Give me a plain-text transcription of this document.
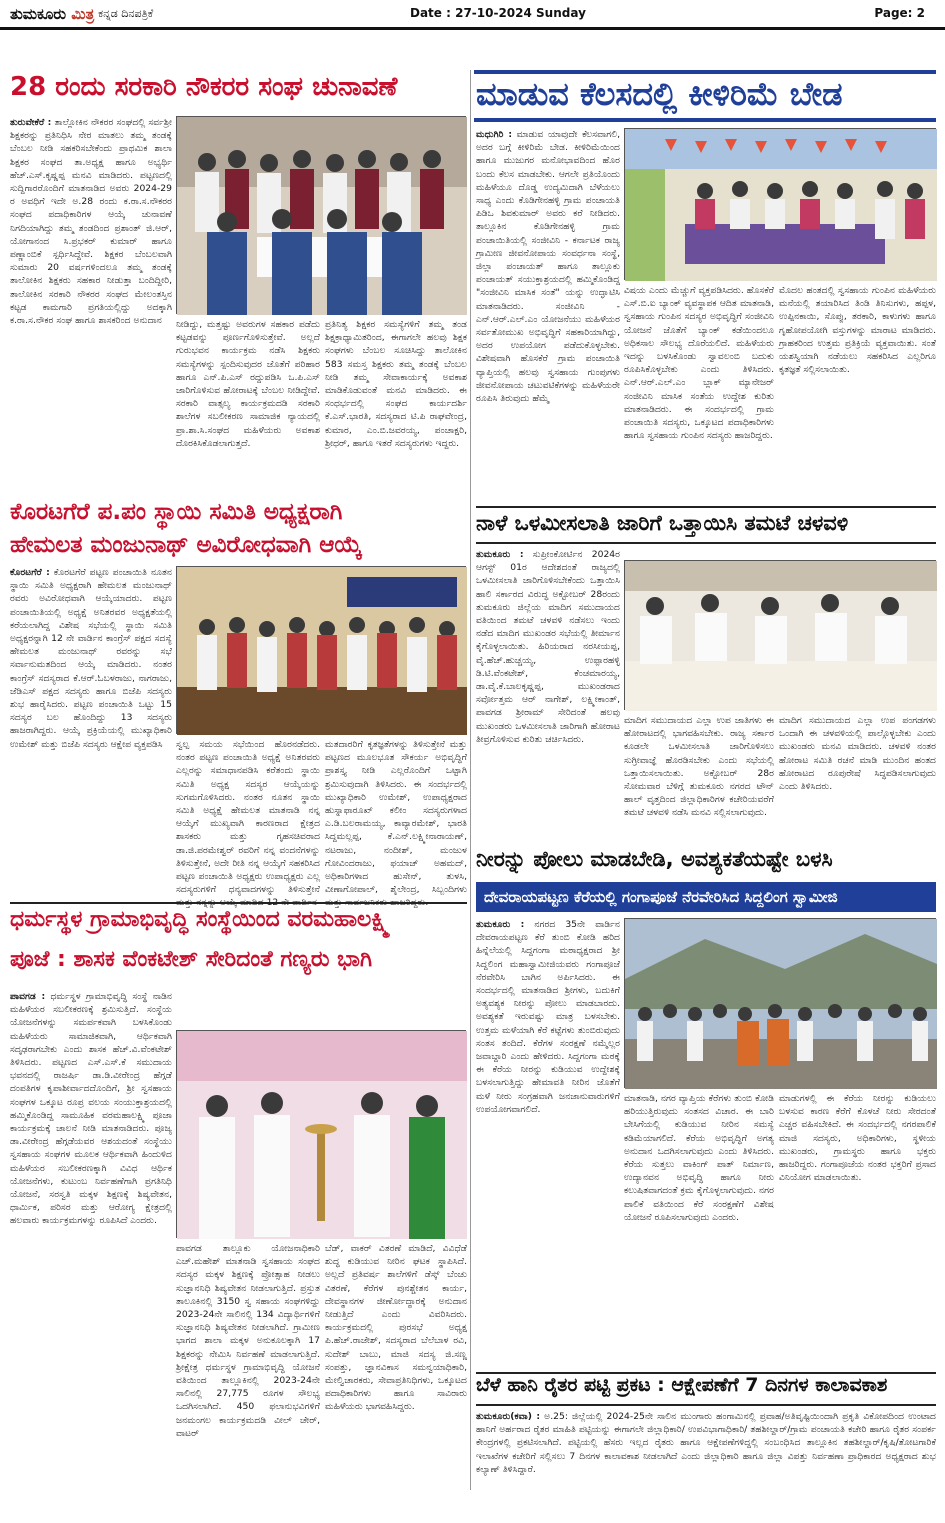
ತುಮಕೂರು ಮಿತ್ರ ಕನ್ನಡ ದಿನಪತ್ರಿಕೆ	Date : 27-10-2024 Sunday	Page: 2
28 ರಂದು ಸರಕಾರಿ ನೌಕರರ ಸಂಘ ಚುನಾವಣೆ

ತುರುವೇಕೆರೆ : ತಾಲ್ಲೋಕಿನ ನೌಕರರ ಸಂಘದಲ್ಲಿ ಸರ್ವಶ್ರೀ ಶಿಕ್ಷಕರನ್ನು ಪ್ರತಿನಿಧಿಸಿ ನೇರ ಮಾತಲು ತಮ್ಮ ತಂಡಕ್ಕೆ ಬೆಂಬಲ ನೀಡಿ ಸಹಕರಿಸಬೇಕೆಂದು ಪ್ರಾಥಮಿಕ ಶಾಲಾ ಶಿಕ್ಷಕರ ಸಂಘದ ತಾ.ಅಧ್ಯಕ್ಷ ಹಾಗೂ ಅಭ್ಯರ್ಥಿ ಹೆಚ್.ಎಸ್.ಕೃಷ್ಣಪ್ಪ ಮನವಿ ಮಾಡಿದರು. ಪಟ್ಟಣದಲ್ಲಿ ಸುದ್ದಿಗಾರರೊಂದಿಗೆ ಮಾತನಾಡಿದ ಅವರು 2024-29 ರ ಅವಧಿಗೆ ಇದೇ ಅ.28 ರಂದು ಕ.ರಾ.ಸ.ನೌಕರರ ಸಂಘದ ಪದಾಧಿಕಾರಿಗಳ ಆಯ್ಕೆ ಚುನಾವಣೆ ನಿಗದಿಯಾಗಿದ್ದು ತಮ್ಮ ತಂಡದಿಂದ ಪ್ರಶಾಂತ್ ಜಿ.ಆರ್, ಯೋಗಾನಂದ ಸಿ.ಪ್ರಭಕರ್ ಕುಮಾರ್ ಹಾಗೂ ಪಣ್ಣಾಂಬಿಕೆ ಸ್ಪರ್ಧಿಸಿದ್ದೇವೆ. ಶಿಕ್ಷಕರ ಬೆಂಬಲವಾಗಿ ಸುಮಾರು 20 ವರ್ಷಗಳಿಂದಲೂ ತಮ್ಮ ತಂಡಕ್ಕೆ ತಾಲೋಕಿನ ಶಿಕ್ಷಕರು ಸಹಕಾರ ನೀಡುತ್ತಾ ಬಂದಿದ್ದೀರಿ, ತಾಲೋಕಿನ ಸರಕಾರಿ ನೌಕರರ ಸಂಘದ ಮೇಲಂತಸ್ತಿನ ಕಟ್ಟಡ ಕಾಮಗಾರಿ ಪ್ರಗತಿಯಲ್ಲಿದ್ದು ಅದಕ್ಕಾಗಿ ಕ.ರಾ.ಸ.ನೌಕರ ಸಂಘ ಹಾಗೂ ಶಾಸಕರಿಂದ ಅನುದಾನ	ನೀಡಿದ್ದು, ಮತ್ತಷ್ಟು ಅವರುಗಳ ಸಹಕಾರ ಪಡೆದು ಕಟ್ಟಡವನ್ನು ಪೂರ್ಣಗೊಳಿಸುತ್ತೇವೆ. ಅಲ್ಲದೆ ಗುರುಭವನ ಕಾರ್ಯಕ್ರಮ ನಡೆಸಿ ಶಿಕ್ಷಕರು ಸಮಸ್ಯೆಗಳನ್ನು ಸ್ಪಂದಿಸುವುದರ ಜೊತೆಗೆ ಪರಿಹಾರ ಹಾಗೂ ಎನ್.ಪಿ.ಎಸ್ ರದ್ದುಪಡಿಸಿ ಒ.ಪಿ.ಎಸ್ ಜಾರಿಗೊಳಿಸುವ ಹೋರಾಟಕ್ಕೆ ಬೆಂಬಲ ನೀಡಿದ್ದೇವೆ. ಸರಕಾರಿ ವಾತ್ಸಲ್ಯ ಕಾರ್ಯಕ್ರಮದಡಿ ಸರಕಾರಿ ಶಾಲೆಗಳ ಸಬಲೀಕರಣ ಸಾಮಾಜಿಕ ನ್ಯಾಯದಲ್ಲಿ ಪ್ರಾ.ಶಾ.ಸಿ.ಸಂಘದ ಮಹಿಳೆಯರು ಅವಕಾಶ ದೊರಕಿಸಿಕೊಡಲಾಗುತ್ತದೆ.
ಪ್ರತಿನಿತ್ಯ ಶಿಕ್ಷಕರ ಸಮಸ್ಯೆಗಳಿಗೆ ತಮ್ಮ ತಂಡ ಶಿಕ್ಷಕ್ರಾಧ್ಯಾಮಿತರಿಂದ, ಈಗಾಗಲೇ ಹಲವು ಶಿಕ್ಷಕ ಸಂಘಗಳು ಬೆಂಬಲ ಸೂಚಿಸಿದ್ದು ತಾಲೋಕಿನ 583 ಸಮಸ್ತ ಶಿಕ್ಷಕರು ತಮ್ಮ ತಂಡಕ್ಕೆ ಬೆಂಬಲ ನೀಡಿ ತಮ್ಮ ಸೇವಾಕಾರ್ಯಕ್ಕೆ ಅವಕಾಶ ಮಾಡಿಕೊಡುವಂತೆ ಮನವಿ ಮಾಡಿದರು. ಈ ಸಂಧರ್ಭದಲ್ಲಿ ಸಂಘದ ಕಾರ್ಯದರ್ಶಿ ಕೆ.ಎಸ್.ಭಾರತಿ, ಸದಸ್ಯರಾದ ಟಿ.ಪಿ ರಾಘವೇಂದ್ರ, ಕುಮಾರ, ಎಂ.ಬಿ.ಜವರಯ್ಯ, ಪಂಚಾಕ್ಷರಿ, ಶ್ರೀಧರ್, ಹಾಗೂ ಇತರೆ ಸದಸ್ಯರುಗಳು ಇದ್ದರು.
ಮಾಡುವ ಕೆಲಸದಲ್ಲಿ ಕೀಳಿರಿಮೆ ಬೇಡ

ಮಧುಗಿರಿ : ಮಾಡುವ ಯಾವುದೇ ಕೆಲಸವಾಗಲಿ, ಅದರ ಬಗ್ಗೆ ಕೀಳಿರಿಮೆ ಬೇಡ. ಕೀಳಿರಿಮೆಯಿಂದ ಹಾಗೂ ಮುಜುಗರ ಮನೋಭಾವದಿಂದ ಹೊರ ಬಂದು ಕೆಲಸ ಮಾಡಬೇಕು. ಆಗಲೇ ಪ್ರತಿಯೊಂದು ಮಹಿಳೆಯೂ ದೊಡ್ಡ ಉದ್ಯಮಿದಾಗಿ ಬೆಳೆಯಲು ಸಾಧ್ಯ ಎಂದು ಕೊಡಿಗೇನಹಳ್ಳಿ ಗ್ರಾಮ ಪಂಚಾಯತಿ ಪಿಡಿಒ ಶಿವಕುಮಾರ್ ಅವರು ಕರೆ ನೀಡಿದರು. ತಾಲ್ಲೂಕಿನ ಕೊಡಿಗೇನಹಳ್ಳಿ ಗ್ರಾಮ ಪಂಚಾಯಿತಿಯಲ್ಲಿ ಸಂಜೀವಿನಿ - ಕರ್ನಾಟಕ ರಾಜ್ಯ ಗ್ರಾಮೀಣ ಜೀವನೋಪಾಯ ಸಂವರ್ಧನಾ ಸಂಸ್ಥೆ, ಜಿಲ್ಲಾ ಪಂಚಾಯತ್ ಹಾಗೂ ತಾಲ್ಲೂಕು ಪಂಚಾಯತ್ ಸಯುಕ್ತಾಶ್ರಯದಲ್ಲಿ ಹಮ್ಮಿಕೊಂಡಿದ್ದ "ಸಂಜೀವಿನಿ ಮಾಸಿಕ ಸಂತೆ" ಯನ್ನು ಉದ್ಘಾಟಿಸಿ ಮಾತನಾಡಿದರು. ಸಂಜೀವಿನಿ - ಎನ್.ಆರ್.ಎಲ್.ಎಂ ಯೋಜನೆಯು ಮಹಿಳೆಯರ ಸರ್ವತೋಮುಖ ಅಭಿವೃದ್ಧಿಗೆ ಸಹಕಾರಿಯಾಗಿದ್ದು, ಅದರ ಉಪಯೋಗ ಪಡೆದುಕೊಳ್ಳಬೇಕು. ವಿಶೇಷವಾಗಿ ಹೊಸಕೆರೆ ಗ್ರಾಮ ಪಂಚಾಯಿತಿ ವ್ಯಾಪ್ತಿಯಲ್ಲಿ ಹಲವು ಸ್ವಸಹಾಯ ಗುಂಪುಗಳು ಜೀವನೋಪಾಯ ಚಟುವಟಿಕೆಗಳನ್ನು ಮಹಿಳೆಯರೇ ರೂಪಿಸಿ ತಿರುವುದು ಹೆಮ್ಮೆ

ವಿಷಯ ಎಂದು ಮೆಚ್ಚುಗೆ ವ್ಯಕ್ತಪಡಿಸಿದರು. ಹೊಸಕೆರೆ ಎಸ್.ಬಿ.ಐ ಬ್ಯಾಂಕ್ ವ್ಯವಸ್ಥಾಪಕ ಆದಿತ ಮಾತನಾಡಿ, ಸ್ವಸಹಾಯ ಗುಂಪಿನ ಸದಸ್ಯರ ಅಭಿವೃದ್ಧಿಗೆ ಸಂಜೀವಿನಿ ಯೋಜನೆ ಜೊತೆಗೆ ಬ್ಯಾಂಕ್ ಕಡೆಯಿಂದಲೂ ಅಧಿಕಸಾಲ ಸೌಲಭ್ಯ ದೊರೆಯಲಿದೆ. ಮಹಿಳೆಯರು ಇದನ್ನು ಬಳಸಿಕೊಂಡು ಸ್ವಾವಲಂಬಿ ಬದುಕು ರೂಪಿಸಿಕೊಳ್ಳಬೇಕು ಎಂದು ತಿಳಿಸಿದರು. ಎನ್.ಆರ್.ಎಲ್.ಎಂ ಬ್ಲಾಕ್ ಮ್ಯಾನೇಜರ್ ಸಂಜೀವಿನಿ ಮಾಸಿಕ ಸಂತೆಯ ಉದ್ದೇಶ ಕುರಿತು ಮಾತನಾಡಿದರು. ಈ ಸಂದರ್ಭದಲ್ಲಿ ಗ್ರಾಮ ಪಂಚಾಯಿತಿ ಸದಸ್ಯರು, ಒಕ್ಕೂಟದ ಪದಾಧಿಕಾರಿಗಳು ಹಾಗೂ ಸ್ವಸಹಾಯ ಗುಂಪಿನ ಸದಸ್ಯರು ಹಾಜರಿದ್ದರು.
ಮೊದಲ ಹಂತದಲ್ಲಿ ಸ್ವಸಹಾಯ ಗುಂಪಿನ ಮಹಿಳೆಯರು ಮನೆಯಲ್ಲಿ ತಯಾರಿಸಿದ ತಿಂಡಿ ತಿನಿಸುಗಳು, ಹಪ್ಪಳ, ಉಪ್ಪಿನಕಾಯಿ, ಸೊಪ್ಪು, ತರಕಾರಿ, ಕಾಳುಗಳು ಹಾಗೂ ಗೃಹೋಪಯೋಗಿ ವಸ್ತುಗಳನ್ನು ಮಾರಾಟ ಮಾಡಿದರು. ಗ್ರಾಹಕರಿಂದ ಉತ್ತಮ ಪ್ರತಿಕ್ರಿಯೆ ವ್ಯಕ್ತವಾಯಿತು. ಸಂತೆ ಯಶಸ್ವಿಯಾಗಿ ನಡೆಯಲು ಸಹಕರಿಸಿದ ಎಲ್ಲರಿಗೂ ಕೃತಜ್ಞತೆ ಸಲ್ಲಿಸಲಾಯಿತು.
ಕೊರಟಗೆರೆ ಪ.ಪಂ ಸ್ಥಾಯಿ ಸಮಿತಿ ಅಧ್ಯಕ್ಷರಾಗಿ
ಹೇಮಲತ ಮಂಜುನಾಥ್ ಅವಿರೋಧವಾಗಿ ಆಯ್ಕೆ

ಕೊರಟಗೆರೆ : ಕೊರಟಗೆರೆ ಪಟ್ಟಣ ಪಂಚಾಯಿತಿ ನೂತನ ಸ್ಥಾಯಿ ಸಮಿತಿ ಅಧ್ಯಕ್ಷರಾಗಿ ಹೇಮಲತ ಮಂಜುನಾಥ್ ರವರು ಅವಿರೋಧವಾಗಿ ಆಯ್ಕೆಯಾದರು. ಪಟ್ಟಣ ಪಂಚಾಯಿತಿಯಲ್ಲಿ ಅಧ್ಯಕ್ಷೆ ಅನಿತರವರ ಅಧ್ಯಕ್ಷತೆಯಲ್ಲಿ ಕರೆಯಲಾಗಿದ್ದ ವಿಶೇಷ ಸಭೆಯಲ್ಲಿ ಸ್ಥಾಯಿ ಸಮಿತಿ ಅಧ್ಯಕ್ಷರನ್ನಾಗಿ 12 ನೇ ವಾರ್ಡಿನ ಕಾಂಗ್ರೆಸ್ ಪಕ್ಷದ ಸದಸ್ಯೆ ಹೇಮಲತ ಮಂಜುನಾಥ್ ರವರನ್ನು ಸಭೆ ಸರ್ವಾನುಮತದಿಂದ ಆಯ್ಕೆ ಮಾಡಿದರು. ನಂತರ ಕಾಂಗ್ರೆಸ್ ಸದಸ್ಯರಾದ ಕೆ.ಆರ್.ಓಬಳರಾಜು, ನಾಗರಾಜು, ಜೆಡಿಎಸ್ ಪಕ್ಷದ ಸದಸ್ಯರು ಹಾಗೂ ಬಿಜೆಪಿ ಸದಸ್ಯರು ಶುಭ ಹಾರೈಸಿದರು. ಪಟ್ಟಣ ಪಂಚಾಯಿತಿ ಒಟ್ಟು 15 ಸದಸ್ಯರ ಬಲ ಹೊಂದಿದ್ದು 13 ಸದಸ್ಯರು ಹಾಜರಾಗಿದ್ದರು. ಆಯ್ಕೆ ಪ್ರಕ್ರಿಯೆಯಲ್ಲಿ ಮುಖ್ಯಾಧಿಕಾರಿ ಉಮೇಶ್ ಮತ್ತು ಬಿಜೆಪಿ ಸದಸ್ಯರು ಆಕ್ಷೇಪ ವ್ಯಕ್ತಪಡಿಸಿ	ಸ್ವಲ್ಪ ಸಮಯ ಸಭೆಯಿಂದ ಹೊರನಡೆದರು. ನಂತರ ಪಟ್ಟಣ ಪಂಚಾಯಿತಿ ಅಧ್ಯಕ್ಷೆ ಅನಿತರವರು ಎಲ್ಲರನ್ನು ಸಮಾಧಾನಪಡಿಸಿ ಕರೆತಂದು ಸ್ಥಾಯಿ ಸಮಿತಿ ಅಧ್ಯಕ್ಷ ಸದಸ್ಯರ ಆಯ್ಕೆಯನ್ನು ಸುಗಮಗೊಳಿಸಿದರು. ನಂತರ ನೂತನ ಸ್ಥಾಯಿ ಸಮಿತಿ ಅಧ್ಯಕ್ಷೆ ಹೇಮಲತ ಮಾತನಾಡಿ ನನ್ನ ಆಯ್ಕೆಗೆ ಮುಖ್ಯವಾಗಿ ಕಾರಣರಾದ ಕ್ಷೇತ್ರದ ಶಾಸಕರು ಮತ್ತು ಗೃಹಸಚಿವರಾದ ಡಾ.ಜಿ.ಪರಮೇಶ್ವರ್ ರವರಿಗೆ ನನ್ನ ವಂದನೆಗಳನ್ನು ತಿಳಿಸುತ್ತೇನೆ, ಅದೇ ರೀತಿ ನನ್ನ ಆಯ್ಕೆಗೆ ಸಹಕರಿಸಿದ ಪಟ್ಟಣ ಪಂಚಾಯಿತಿ ಅಧ್ಯಕ್ಷರು ಉಪಾಧ್ಯಕ್ಷರು ಎಲ್ಲ ಸದಸ್ಯರುಗಳಿಗೆ ಧನ್ಯವಾದಗಳನ್ನು ತಿಳಿಸುತ್ತೇನೆ
ಮತದಾರರಿಗೆ ಕೃತಜ್ಞತೆಗಳನ್ನು ತಿಳಿಸುತ್ತೇನೆ ಮತ್ತು ಪಟ್ಟಣದ ಮೂಲಭೂತ ಸೌಕರ್ಯ ಅಭಿವೃದ್ಧಿಗೆ ಪ್ರಾಶಸ್ತ್ಯ ನೀಡಿ ಎಲ್ಲರೊಂದಿಗೆ ಒಟ್ಟಾಗಿ ಶ್ರಮಿಸುವುದಾಗಿ ತಿಳಿಸಿದರು. ಈ ಸಂದರ್ಭದಲ್ಲಿ ಮುಖ್ಯಾಧಿಕಾರಿ ಉಮೇಶ್, ಉಪಾಧ್ಯಕ್ಷರಾದ ಹುಸ್ನಾಫಾರೂಖ್ ಕಲೀಂ ಸದಸ್ಯರುಗಳಾದ ಎ.ಡಿ.ಬಲರಾಮಯ್ಯ, ಕಾವ್ಯಾರಮೇಶ್, ಭಾರತಿ ಸಿದ್ದಮಲ್ಲಪ್ಪ, ಕೆ.ಎನ್.ಲಕ್ಷ್ಮೀನಾರಾಯಣ್, ನಟರಾಜು, ನಂದೀಶ್, ಮಂಜುಳ ಗೋವಿಂದರಾಜು, ಫಯಾಜ್ ಅಹಮದ್, ಅಧಿಕಾರಿಗಳಾದ ಹುಸೇನ್, ತುಳಸಿ, ವೀಣಾಗೋಪಾಲ್, ಶೈಲೇಂದ್ರ, ಸಿಬ್ಬಂದಿಗಳು
ನಾಳೆ ಒಳಮೀಸಲಾತಿ ಜಾರಿಗೆ ಒತ್ತಾಯಿಸಿ ತಮಟೆ ಚಳವಳಿ

ತುಮಕೂರು : ಸುಪ್ರೀಂಕೋರ್ಟಿನ 2024ರ ಆಗಸ್ಟ್ 01ರ ಆದೇಶದಂತೆ ರಾಜ್ಯದಲ್ಲಿ ಒಳಮೀಸಲಾತಿ ಜಾರಿಗೊಳಿಸಬೇಕೆಂದು ಒತ್ತಾಯಿಸಿ ಹಾಲಿ ಸರ್ಕಾರದ ವಿರುದ್ಧ ಅಕ್ಟೋಬರ್ 28ರಂದು ತುಮಕೂರು ಜಿಲ್ಲೆಯ ಮಾದಿಗ ಸಮುದಾಯದ ವತಿಯಿಂದ ತಮಟೆ ಚಳವಳಿ ನಡೆಸಲು ಇಂದು ನಡೆದ ಮಾದಿಗ ಮುಖಂಡರ ಸಭೆಯಲ್ಲಿ ತೀರ್ಮಾನ ಕೈಗೊಳ್ಳಲಾಯಿತು. ಹಿರಿಯರಾದ ನರಸೀಯಪ್ಪ, ವೈ.ಹೆಚ್.ಹುಚ್ಚಯ್ಯ, ಉಪ್ಪಾರಹಳ್ಳಿ ಡಿ.ಟಿ.ವೆಂಕಟೇಶ್, ಕೆಂಚಮಾರಯ್ಯ, ಡಾ.ವೈ.ಕೆ.ಬಾಲಕೃಷ್ಣಪ್ಪ, ಮುಖಂಡರಾದ ಸರ್ವೋತ್ತಮ ಆರ್ ನಾಗೇಶ್, ಲಕ್ಷ್ಮೀಕಾಂತ್, ಪಾವಗಡ ಶ್ರೀರಾಮ್ ಸೇರಿದಂತೆ ಹಲವು ಮುಖಂಡರು ಒಳಮೀಸಲಾತಿ ಜಾರಿಗಾಗಿ ಹೋರಾಟ ತೀವ್ರಗೊಳಿಸುವ ಕುರಿತು ಚರ್ಚಿಸಿದರು.

ಮಾದಿಗ ಸಮುದಾಯದ ಎಲ್ಲಾ ಉಪ ಜಾತಿಗಳು ಈ ಹೋರಾಟದಲ್ಲಿ ಭಾಗವಹಿಸಬೇಕು. ರಾಜ್ಯ ಸರ್ಕಾರ ಕೂಡಲೇ ಒಳಮೀಸಲಾತಿ ಜಾರಿಗೊಳಿಸಲು ಸುಗ್ರೀವಾಜ್ಞೆ ಹೊರಡಿಸಬೇಕು ಎಂದು ಸಭೆಯಲ್ಲಿ ಒತ್ತಾಯಿಸಲಾಯಿತು. ಅಕ್ಟೋಬರ್ 28ರ ಸೋಮವಾರ ಬೆಳಿಗ್ಗೆ ತುಮಕೂರು ನಗರದ ಟೌನ್ ಹಾಲ್ ವೃತ್ತದಿಂದ ಜಿಲ್ಲಾಧಿಕಾರಿಗಳ ಕಚೇರಿಯವರೆಗೆ ತಮಟೆ ಚಳವಳಿ ನಡೆಸಿ ಮನವಿ ಸಲ್ಲಿಸಲಾಗುವುದು.
ಮಾದಿಗ ಸಮುದಾಯದ ಎಲ್ಲಾ ಉಪ ಪಂಗಡಗಳು ಒಂದಾಗಿ ಈ ಚಳವಳಿಯಲ್ಲಿ ಪಾಲ್ಗೊಳ್ಳಬೇಕು ಎಂದು ಮುಖಂಡರು ಮನವಿ ಮಾಡಿದರು. ಚಳವಳಿ ನಂತರ ಹೋರಾಟ ಸಮಿತಿ ರಚನೆ ಮಾಡಿ ಮುಂದಿನ ಹಂತದ ಹೋರಾಟದ ರೂಪುರೇಷೆ ಸಿದ್ಧಪಡಿಸಲಾಗುವುದು ಎಂದು ತಿಳಿಸಿದರು.
ನೀರನ್ನು ಪೋಲು ಮಾಡಬೇಡಿ, ಅವಶ್ಯಕತೆಯಷ್ಟೇ ಬಳಸಿ
ದೇವರಾಯಪಟ್ಟಣ ಕೆರೆಯಲ್ಲಿ ಗಂಗಾಪೂಜೆ ನೆರವೇರಿಸಿದ ಸಿದ್ದಲಿಂಗ ಸ್ವಾಮೀಜಿ

ತುಮಕೂರು : ನಗರದ 35ನೇ ವಾರ್ಡಿನ ದೇವರಾಯಪಟ್ಟಣ ಕೆರೆ ತುಂಬಿ ಕೋಡಿ ಹರಿದ ಹಿನ್ನೆಲೆಯಲ್ಲಿ ಸಿದ್ದಗಂಗಾ ಮಠಾಧ್ಯಕ್ಷರಾದ ಶ್ರೀ ಸಿದ್ದಲಿಂಗ ಮಹಾಸ್ವಾಮೀಜಿಯವರು ಗಂಗಾಪೂಜೆ ನೆರವೇರಿಸಿ ಬಾಗಿನ ಅರ್ಪಿಸಿದರು. ಈ ಸಂದರ್ಭದಲ್ಲಿ ಮಾತನಾಡಿದ ಶ್ರೀಗಳು, ಬದುಕಿಗೆ ಅತ್ಯವಶ್ಯಕ ನೀರನ್ನು ಪೋಲು ಮಾಡಬಾರದು. ಅವಶ್ಯಕತೆ ಇರುವಷ್ಟು ಮಾತ್ರ ಬಳಸಬೇಕು. ಉತ್ತಮ ಮಳೆಯಾಗಿ ಕೆರೆ ಕಟ್ಟೆಗಳು ತುಂಬಿರುವುದು ಸಂತಸ ತಂದಿದೆ. ಕೆರೆಗಳ ಸಂರಕ್ಷಣೆ ನಮ್ಮೆಲ್ಲರ ಜವಾಬ್ದಾರಿ ಎಂದು ಹೇಳಿದರು. ಸಿದ್ದಗಂಗಾ ಮಠಕ್ಕೆ ಈ ಕೆರೆಯ ನೀರನ್ನು ಕುಡಿಯುವ ಉದ್ದೇಶಕ್ಕೆ ಬಳಸಲಾಗುತ್ತಿದ್ದು ಹೇಮಾವತಿ ನೀರಿನ ಜೊತೆಗೆ ಮಳೆ ನೀರು ಸಂಗ್ರಹವಾಗಿ ಜನಜಾನುವಾರುಗಳಿಗೆ ಉಪಯೋಗವಾಗಲಿದೆ.

ಮಾತನಾಡಿ, ನಗರ ವ್ಯಾಪ್ತಿಯ ಕೆರೆಗಳು ತುಂಬಿ ಕೋಡಿ ಹರಿಯುತ್ತಿರುವುದು ಸಂತಸದ ವಿಚಾರ. ಈ ಬಾರಿ ಬೇಸಿಗೆಯಲ್ಲಿ ಕುಡಿಯುವ ನೀರಿನ ಸಮಸ್ಯೆ ಕಡಿಮೆಯಾಗಲಿದೆ. ಕೆರೆಯ ಅಭಿವೃದ್ಧಿಗೆ ಅಗತ್ಯ ಅನುದಾನ ಒದಗಿಸಲಾಗುವುದು ಎಂದು ತಿಳಿಸಿದರು. ಕೆರೆಯ ಸುತ್ತಲು ವಾಕಿಂಗ್ ಪಾತ್ ನಿರ್ಮಾಣ, ಉದ್ಯಾನವನ ಅಭಿವೃದ್ಧಿ ಹಾಗೂ ನೀರು ಕಲುಷಿತವಾಗದಂತೆ ಕ್ರಮ ಕೈಗೊಳ್ಳಲಾಗುವುದು. ನಗರ ಪಾಲಿಕೆ ವತಿಯಿಂದ ಕೆರೆ ಸಂರಕ್ಷಣೆಗೆ ವಿಶೇಷ ಯೋಜನೆ ರೂಪಿಸಲಾಗುವುದು ಎಂದರು.
ಮಾಡುಗಳಲ್ಲಿ ಈ ಕೆರೆಯ ನೀರನ್ನು ಕುಡಿಯಲು ಬಳಸುವ ಕಾರಣ ಕೆರೆಗೆ ಕೊಳಚೆ ನೀರು ಸೇರದಂತೆ ಎಚ್ಚರ ವಹಿಸಬೇಕಿದೆ. ಈ ಸಂದರ್ಭದಲ್ಲಿ ನಗರಪಾಲಿಕೆ ಮಾಜಿ ಸದಸ್ಯರು, ಅಧಿಕಾರಿಗಳು, ಸ್ಥಳೀಯ ಮುಖಂಡರು, ಗ್ರಾಮಸ್ಥರು ಹಾಗೂ ಭಕ್ತರು ಹಾಜರಿದ್ದರು. ಗಂಗಾಪೂಜೆಯ ನಂತರ ಭಕ್ತರಿಗೆ ಪ್ರಸಾದ ವಿನಿಯೋಗ ಮಾಡಲಾಯಿತು.
ಧರ್ಮಸ್ಥಳ ಗ್ರಾಮಾಭಿವೃದ್ಧಿ ಸಂಸ್ಥೆಯಿಂದ ವರಮಹಾಲಕ್ಷ್ಮಿ
ಪೂಜೆ : ಶಾಸಕ ವೆಂಕಟೇಶ್ ಸೇರಿದಂತೆ ಗಣ್ಯರು ಭಾಗಿ

ಪಾವಗಡ : ಧರ್ಮಸ್ಥಳ ಗ್ರಾಮಾಭಿವೃದ್ಧಿ ಸಂಸ್ಥೆ ನಾಡಿನ ಮಹಿಳೆಯರ ಸಬಲೀಕರಣಕ್ಕೆ ಶ್ರಮಿಸುತ್ತಿದೆ. ಸಂಸ್ಥೆಯ ಯೋಜನೆಗಳನ್ನು ಸಮರ್ಪಕವಾಗಿ ಬಳಸಿಕೊಂಡು ಮಹಿಳೆಯರು ಸಾಮಾಜಿಕವಾಗಿ, ಆರ್ಥಿಕವಾಗಿ ಸದೃಢರಾಗಬೇಕು ಎಂದು ಶಾಸಕ ಹೆಚ್.ವಿ.ವೆಂಕಟೇಶ್ ತಿಳಿಸಿದರು. ಪಟ್ಟಣದ ಎಸ್.ಎಸ್.ಕೆ ಸಮುದಾಯ ಭವನದಲ್ಲಿ ರಾಜರ್ಷಿ ಡಾ.ಡಿ.ವೀರೇಂದ್ರ ಹೆಗ್ಗಡೆ ದಂಪತಿಗಳ ಕೃಪಾಶೀರ್ವಾದದೊಂದಿಗೆ, ಶ್ರೀ ಸ್ವಸಹಾಯ ಸಂಘಗಳ ಒಕ್ಕೂಟ ರೂಪ್ರ ವಲಯ ಸಂಯುಕ್ತಾಶ್ರಯದಲ್ಲಿ ಹಮ್ಮಿಕೊಂಡಿದ್ದ ಸಾಮೂಹಿಕ ವರಮಹಾಲಕ್ಷ್ಮಿ ಪೂಜಾ ಕಾರ್ಯಕ್ರಮಕ್ಕೆ ಚಾಲನೆ ನೀಡಿ ಮಾತನಾಡಿದರು. ಪೂಜ್ಯ ಡಾ.ವೀರೇಂದ್ರ ಹೆಗ್ಗಡೆಯವರ ಆಶಯದಂತೆ ಸಂಸ್ಥೆಯು ಸ್ವಸಹಾಯ ಸಂಘಗಳ ಮೂಲಕ ಆರ್ಥಿಕವಾಗಿ ಹಿಂದುಳಿದ ಮಹಿಳೆಯರ ಸಬಲೀಕರಣಕ್ಕಾಗಿ ವಿವಿಧ ಆರ್ಥಿಕ ಯೋಜನೆಗಳು, ಕುಟುಂಬ ನಿರ್ವಹಣೆಗಾಗಿ ಪ್ರಗತಿನಿಧಿ ಯೋಜನೆ, ಸರಸ್ವತಿ ಮಕ್ಕಳ ಶಿಕ್ಷಣಕ್ಕೆ ಶಿಷ್ಯವೇತನ, ಧಾರ್ಮಿಕ, ಪರಿಸರ ಮತ್ತು ಆರೋಗ್ಯ ಕ್ಷೇತ್ರದಲ್ಲಿ ಹಲವಾರು ಕಾರ್ಯಕ್ರಮಗಳನ್ನು ರೂಪಿಸಿದೆ ಎಂದರು.

ಪಾವಗಡ ತಾಲ್ಲೂಕು ಯೋಜನಾಧಿಕಾರಿ ಎಚ್.ಮಹೇಶ್ ಮಾತನಾಡಿ ಸ್ವಸಹಾಯ ಸಂಘದ ಸದಸ್ಯರ ಮಕ್ಕಳ ಶಿಕ್ಷಣಕ್ಕೆ ಪ್ರೋತ್ಸಾಹ ನೀಡಲು ಸುಜ್ಞಾನನಿಧಿ ಶಿಷ್ಯವೇತನ ನೀಡಲಾಗುತ್ತಿದೆ. ಪ್ರಸ್ತುತ ತಾಲೂಕಿನಲ್ಲಿ 3150 ಸ್ವ ಸಹಾಯ ಸಂಘಗಳಿದ್ದು 2023-24ನೇ ಸಾಲಿನಲ್ಲಿ 134 ವಿದ್ಯಾರ್ಥಿಗಳಿಗೆ ಸುಜ್ಞಾನನಿಧಿ ಶಿಷ್ಯವೇತನ ನೀಡಲಾಗಿದೆ. ಗ್ರಾಮೀಣ ಭಾಗದ ಶಾಲಾ ಮಕ್ಕಳ ಅನುಕೂಲಕ್ಕಾಗಿ 17 ಶಿಕ್ಷಕರನ್ನು ನೇಮಿಸಿ ನಿರ್ವಹಣೆ ಮಾಡಲಾಗುತ್ತಿದೆ. ಶ್ರೀಕ್ಷೇತ್ರ ಧರ್ಮಸ್ಥಳ ಗ್ರಾಮಾಭಿವೃದ್ಧಿ ಯೋಜನೆ ವತಿಯಿಂದ ತಾಲ್ಲೂಕಿನಲ್ಲಿ 2023-24ನೇ ಸಾಲಿನಲ್ಲಿ 27,775 ರೂಗಳ ಸೌಲಭ್ಯ ಒದಗಿಸಲಾಗಿದೆ. 450 ಫಲಾನುಭವಿಗಳಿಗೆ ಜನಮಂಗಲ ಕಾರ್ಯಕ್ರಮದಡಿ ವೀಲ್ ಚೇರ್, ವಾಟರ್
ಬೆಡ್, ವಾಕರ್ ವಿತರಣೆ ಮಾಡಿದೆ, ವಿವಿಧೆಡೆ ಶುದ್ಧ ಕುಡಿಯುವ ನೀರಿನ ಘಟಕ ಸ್ಥಾಪಿಸಿದೆ. ಅಲ್ಲದೆ ಪ್ರತಿವರ್ಷ ಶಾಲೆಗಳಿಗೆ ಡೆಸ್ಕ್ ಬೆಂಚು ವಿತರಣೆ, ಕೆರೆಗಳ ಪುನಶ್ಚೇತನ ಕಾರ್ಯ, ದೇವಸ್ಥಾನಗಳ ಜೀರ್ಣೋದ್ಧಾರಕ್ಕೆ ಅನುದಾನ ನೀಡುತ್ತಿದೆ ಎಂದು ವಿವರಿಸಿದರು. ಕಾರ್ಯಕ್ರಮದಲ್ಲಿ ಪುರಸಭೆ ಅಧ್ಯಕ್ಷ ಪಿ.ಹೆಚ್.ರಾಜೇಶ್, ಸದಸ್ಯರಾದ ಬೆಲೆಬಾಳ ರವಿ, ಸುದೇಶ್ ಬಾಬು, ಮಾಜಿ ಸದಸ್ಯ ಜಿ.ಸಣ್ಣ ಸಂಪತ್ತು, ಜ್ಞಾನವಿಕಾಸ ಸಮನ್ವಯಾಧಿಕಾರಿ, ಮೇಲ್ವಿಚಾರಕರು, ಸೇವಾಪ್ರತಿನಿಧಿಗಳು, ಒಕ್ಕೂಟದ ಪದಾಧಿಕಾರಿಗಳು ಹಾಗೂ ಸಾವಿರಾರು ಮಹಿಳೆಯರು ಭಾಗವಹಿಸಿದ್ದರು.
ಬೆಳೆ ಹಾನಿ ರೈತರ ಪಟ್ಟಿ ಪ್ರಕಟ : ಆಕ್ಷೇಪಣೆಗೆ 7 ದಿನಗಳ ಕಾಲಾವಕಾಶ

ತುಮಕೂರು(ಕವಾ) : ಅ.25: ಜಿಲ್ಲೆಯಲ್ಲಿ 2024-25ನೇ ಸಾಲಿನ ಮುಂಗಾರು ಹಂಗಾಮಿನಲ್ಲಿ ಪ್ರವಾಹ/ಅತಿವೃಷ್ಟಿಯಿಂದಾಗಿ ಪ್ರಕೃತಿ ವಿಕೋಪದಿಂದ ಉಂಟಾದ ಹಾನಿಗೆ ಅರ್ಹರಾದ ರೈತರ ಮಾಹಿತಿ ಪಟ್ಟಿಯನ್ನು ಈಗಾಗಲೇ ಜಿಲ್ಲಾಧಿಕಾರಿ/ ಉಪವಿಭಾಗಾಧಿಕಾರಿ/ ತಹಶೀಲ್ದಾರ್/ಗ್ರಾಮ ಪಂಚಾಯತಿ ಕಚೇರಿ ಹಾಗೂ ರೈತರ ಸಂಪರ್ಕ ಕೇಂದ್ರಗಳಲ್ಲಿ ಪ್ರಕಟಿಸಲಾಗಿದೆ. ಪಟ್ಟಿಯಲ್ಲಿ ಹೆಸರು ಇಲ್ಲದ ರೈತರು ಹಾಗೂ ಆಕ್ಷೇಪಣೆಗಳಿದ್ದಲ್ಲಿ ಸಂಬಂಧಿಸಿದ ತಾಲ್ಲೂಕಿನ ತಹಶೀಲ್ದಾರ್/ಕೃಷಿ/ತೋಟಗಾರಿಕೆ ಇಲಾಖೆಗಳ ಕಚೇರಿಗೆ ಸಲ್ಲಿಸಲು 7 ದಿನಗಳ ಕಾಲಾವಕಾಶ ನೀಡಲಾಗಿದೆ ಎಂದು ಜಿಲ್ಲಾಧಿಕಾರಿ ಹಾಗೂ ಜಿಲ್ಲಾ ವಿಪತ್ತು ನಿರ್ವಹಣಾ ಪ್ರಾಧಿಕಾರದ ಅಧ್ಯಕ್ಷರಾದ ಶುಭ ಕಲ್ಯಾಣ್ ತಿಳಿಸಿದ್ದಾರೆ.
